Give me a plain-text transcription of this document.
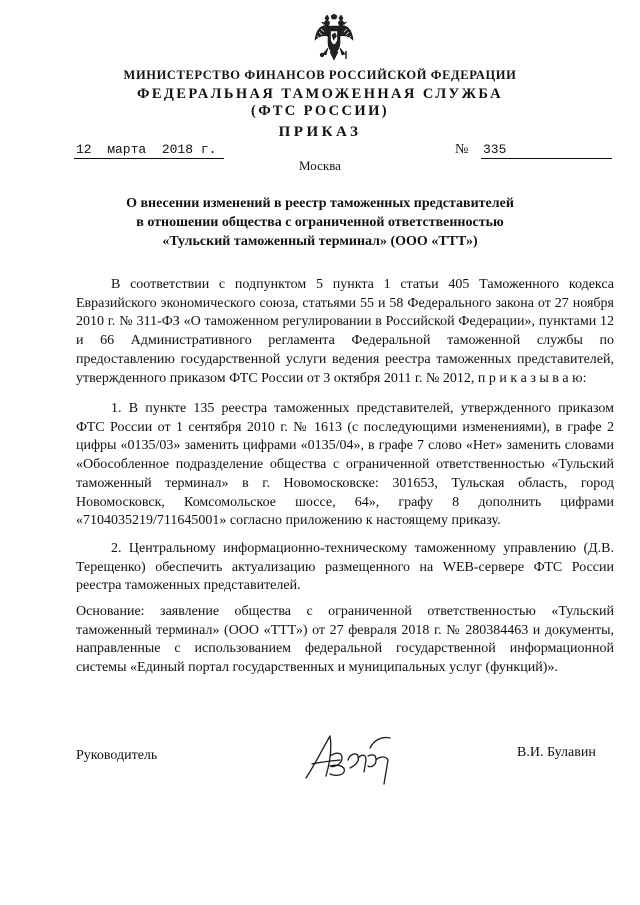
МИНИСТЕРСТВО ФИНАНСОВ РОССИЙСКОЙ ФЕДЕРАЦИИ
ФЕДЕРАЛЬНАЯ ТАМОЖЕННАЯ СЛУЖБА
(ФТС РОССИИ)
ПРИКАЗ
12  марта  2018 г.	№ 335
Москва
О внесении изменений в реестр таможенных представителей
в отношении общества с ограниченной ответственностью
«Тульский таможенный терминал» (ООО «ТТТ»)
В соответствии с подпунктом 5 пункта 1 статьи 405 Таможенного кодекса Евразийского экономического союза, статьями 55 и 58 Федерального закона от 27 ноября 2010 г. № 311-ФЗ «О таможенном регулировании в Российской Федерации», пунктами 12 и 66 Административного регламента Федеральной таможенной службы по предоставлению государственной услуги ведения реестра таможенных представителей, утвержденного приказом ФТС России от 3 октября 2011 г. № 2012, п р и к а з ы в а ю:
1. В пункте 135 реестра таможенных представителей, утвержденного приказом ФТС России от 1 сентября 2010 г. № 1613 (с последующими изменениями), в графе 2 цифры «0135/03» заменить цифрами «0135/04», в графе 7 слово «Нет» заменить словами «Обособленное подразделение общества с ограниченной ответственностью «Тульский таможенный терминал» в г. Новомосковске: 301653, Тульская область, город Новомосковск, Комсомольское шоссе, 64», графу 8 дополнить цифрами «7104035219/711645001» согласно приложению к настоящему приказу.
2. Центральному информационно-техническому таможенному управлению (Д.В. Терещенко) обеспечить актуализацию размещенного на WEB-сервере ФТС России реестра таможенных представителей.
Основание: заявление общества с ограниченной ответственностью «Тульский таможенный терминал» (ООО «ТТТ») от 27 февраля 2018 г. № 280384463 и документы, направленные с использованием федеральной государственной информационной системы «Единый портал государственных и муниципальных услуг (функций)».
Руководитель	В.И. Булавин
